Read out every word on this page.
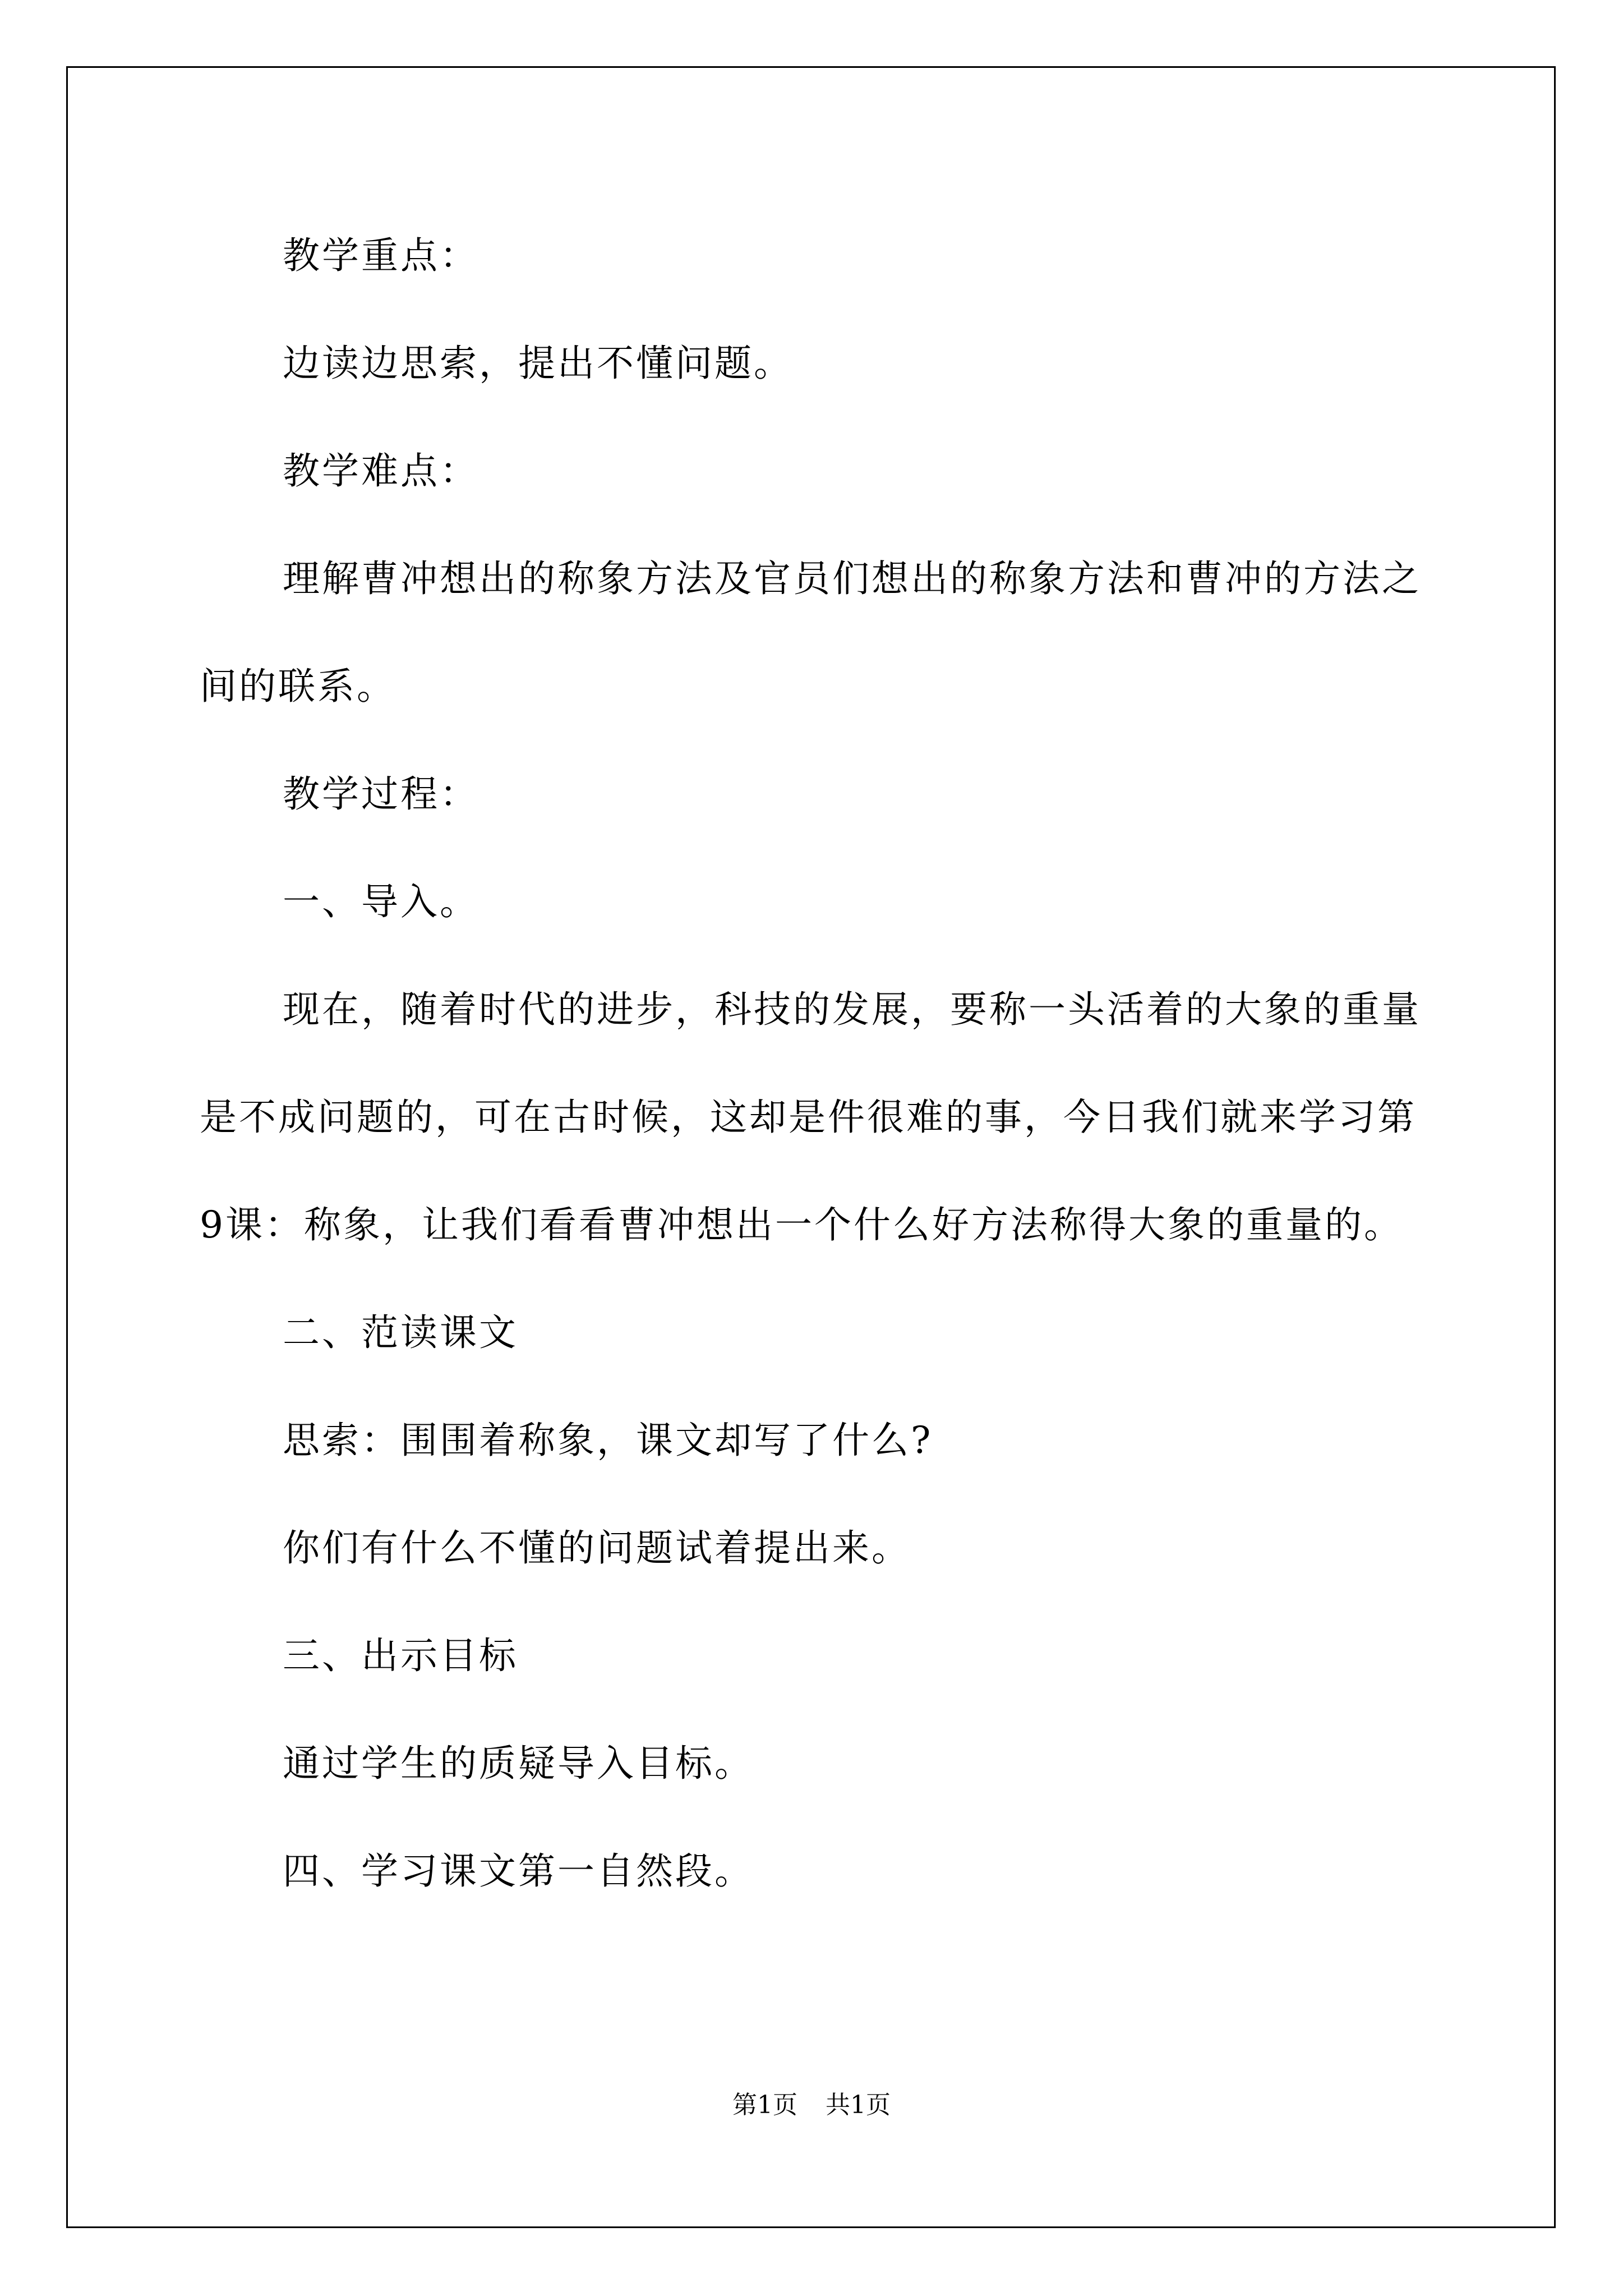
教学重点：

边读边思索，提出不懂问题。

教学难点：

理解曹冲想出的称象方法及官员们想出的称象方法和曹冲的方法之间的联系。

教学过程：

一、导入。

现在，随着时代的进步，科技的发展，要称一头活着的大象的重量是不成问题的，可在古时候，这却是件很难的事，今日我们就来学习第9课：称象，让我们看看曹冲想出一个什么好方法称得大象的重量的。

二、范读课文

思索：围围着称象，课文却写了什么?

你们有什么不懂的问题试着提出来。

三、出示目标

通过学生的质疑导入目标。

四、学习课文第一自然段。

第1页 共1页
